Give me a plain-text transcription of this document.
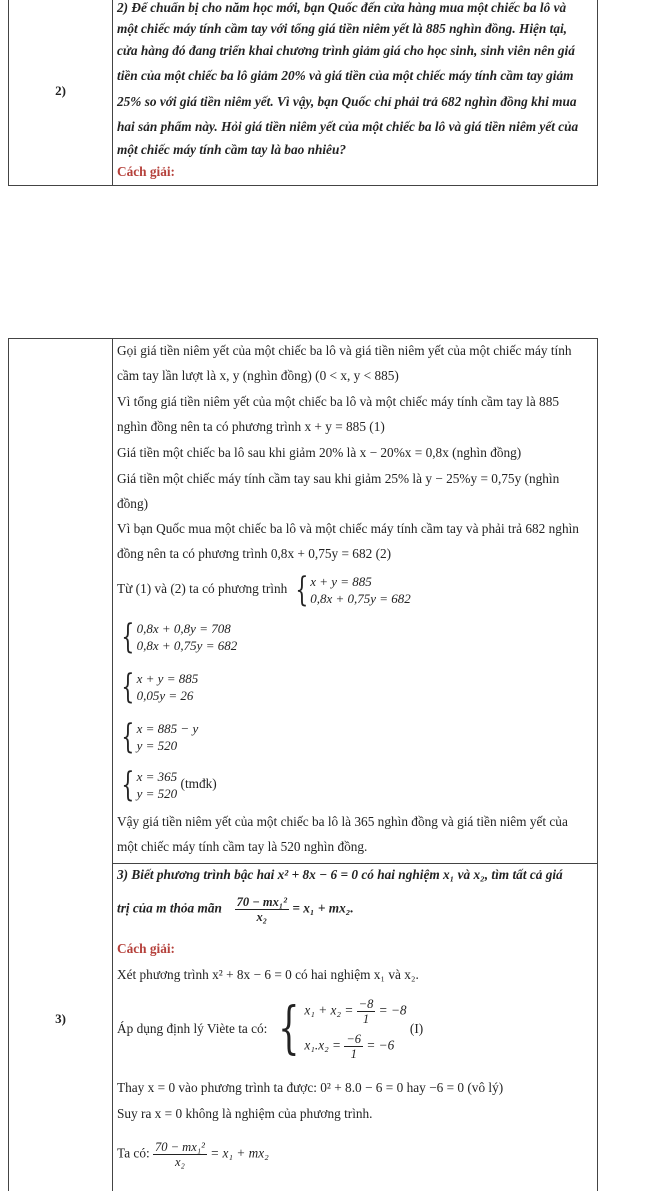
2)
2) Để chuẩn bị cho năm học mới, bạn Quốc đến cửa hàng mua một chiếc ba lô và
một chiếc máy tính cầm tay với tổng giá tiền niêm yết là 885 nghìn đồng. Hiện tại,
cửa hàng đó đang triển khai chương trình giảm giá cho học sinh, sinh viên nên giá
tiền của một chiếc ba lô giảm 20% và giá tiền của một chiếc máy tính cầm tay giảm
25% so với giá tiền niêm yết. Vì vậy, bạn Quốc chỉ phải trả 682 nghìn đồng khi mua
hai sản phẩm này. Hỏi giá tiền niêm yết của một chiếc ba lô và giá tiền niêm yết của
một chiếc máy tính cầm tay là bao nhiêu?
Cách giải:
3)
Gọi giá tiền niêm yết của một chiếc ba lô và giá tiền niêm yết của một chiếc máy tính
cầm tay lần lượt là x, y (nghìn đồng) (0 < x, y < 885)
Vì tổng giá tiền niêm yết của một chiếc ba lô và một chiếc máy tính cầm tay là 885
nghìn đồng nên ta có phương trình x + y = 885 (1)
Giá tiền một chiếc ba lô sau khi giảm 20% là x − 20%x = 0,8x (nghìn đồng)
Giá tiền một chiếc máy tính cầm tay sau khi giảm 25% là y − 25%y = 0,75y (nghìn
đồng)
Vì bạn Quốc mua một chiếc ba lô và một chiếc máy tính cầm tay và phải trả 682 nghìn
đồng nên ta có phương trình 0,8x + 0,75y = 682 (2)
Từ (1) và (2) ta có phương trình { x + y = 885
0,8x + 0,75y = 682
{ 0,8x + 0,8y = 708
0,8x + 0,75y = 682
{ x + y = 885
0,05y = 26
{ x = 885 − y
y = 520
{ x = 365
y = 520
(tmđk)
Vậy giá tiền niêm yết của một chiếc ba lô là 365 nghìn đồng và giá tiền niêm yết của
một chiếc máy tính cầm tay là 520 nghìn đồng.
3) Biết phương trình bậc hai x² + 8x − 6 = 0 có hai nghiệm x₁ và x₂, tìm tất cả giá
trị của m thỏa mãn $\frac{\text{70 − mx₁²}}{\text{x₂}} = x_1 + mx_2$.
Cách giải:
Xét phương trình x² + 8x − 6 = 0 có hai nghiệm x₁ và x₂.
Áp dụng định lý Viète ta có: { $x_1 + x_2 = \frac{-8}{1} = -8$
$x_1.x_2 = \frac{-6}{1} = -6$
(I)
Thay x = 0 vào phương trình ta được: 0² + 8.0 − 6 = 0 hay −6 = 0 (vô lý)
Suy ra x = 0 không là nghiệm của phương trình.
Ta có: $\frac{\text{70 − mx₁²}}{\text{x₂}} = x_1 + mx_2$
